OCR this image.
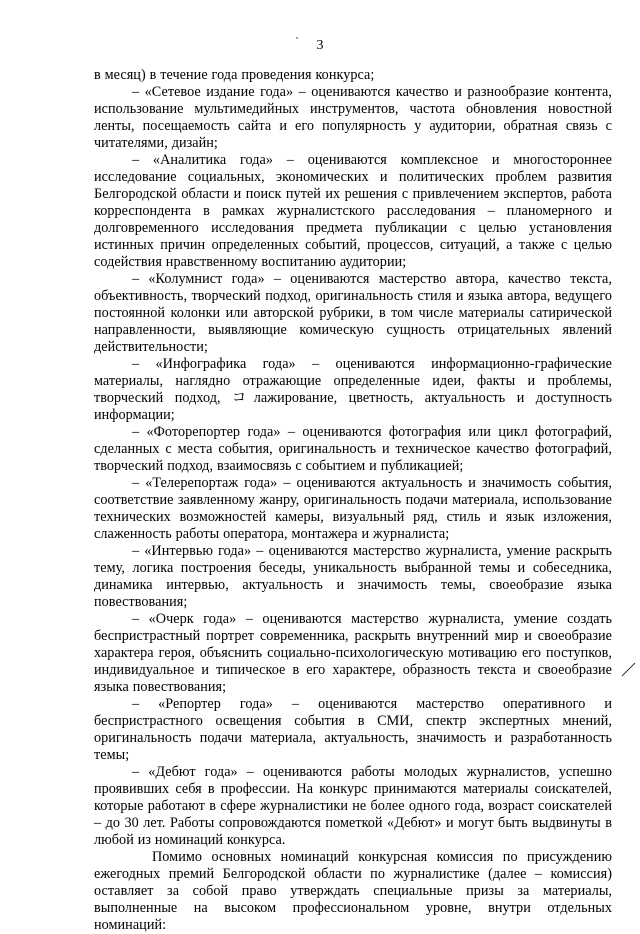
3

в месяц) в течение года проведения конкурса;

– «Сетевое издание года» – оцениваются качество и разнообразие контента, использование мультимедийных инструментов, частота обновления новостной ленты, посещаемость сайта и его популярность у аудитории, обратная связь с читателями, дизайн;

– «Аналитика года» – оцениваются комплексное и многостороннее исследование социальных, экономических и политических проблем развития Белгородской области и поиск путей их решения с привлечением экспертов, работа корреспондента в рамках журналистского расследования – планомерного и долговременного исследования предмета публикации с целью установления истинных причин определенных событий, процессов, ситуаций, а также с целью содействия нравственному воспитанию аудитории;

– «Колумнист года» – оцениваются мастерство автора, качество текста, объективность, творческий подход, оригинальность стиля и языка автора, ведущего постоянной колонки или авторской рубрики, в том числе материалы сатирической направленности, выявляющие комическую сущность отрицательных явлений действительности;

– «Инфографика года» – оцениваются информационно-графические материалы, наглядно отражающие определенные идеи, факты и проблемы, творческий подход, コлажирование, цветность, актуальность и доступность информации;

– «Фоторепортер года» – оцениваются фотография или цикл фотографий, сделанных с места события, оригинальность и техническое качество фотографий, творческий подход, взаимосвязь с событием и публикацией;

– «Телерепортаж года» – оцениваются актуальность и значимость события, соответствие заявленному жанру, оригинальность подачи материала, использование технических возможностей камеры, визуальный ряд, стиль и язык изложения, слаженность работы оператора, монтажера и журналиста;

– «Интервью года» – оцениваются мастерство журналиста, умение раскрыть тему, логика построения беседы, уникальность выбранной темы и собеседника, динамика интервью, актуальность и значимость темы, своеобразие языка повествования;

– «Очерк года» – оцениваются мастерство журналиста, умение создать беспристрастный портрет современника, раскрыть внутренний мир и своеобразие характера героя, объяснить социально-психологическую мотивацию его поступков, индивидуальное и типическое в его характере, образность текста и своеобразие языка повествования;

– «Репортер года» – оцениваются мастерство оперативного и беспристрастного освещения события в СМИ, спектр экспертных мнений, оригинальность подачи материала, актуальность, значимость и разработанность темы;

– «Дебют года» – оцениваются работы молодых журналистов, успешно проявивших себя в профессии. На конкурс принимаются материалы соискателей, которые работают в сфере журналистики не более одного года, возраст соискателей – до 30 лет. Работы сопровождаются пометкой «Дебют» и могут быть выдвинуты в любой из номинаций конкурса.

Помимо основных номинаций конкурсная комиссия по присуждению ежегодных премий Белгородской области по журналистике (далее – комиссия) оставляет за собой право утверждать специальные призы за материалы, выполненные на высоком профессиональном уровне, внутри отдельных номинаций:
